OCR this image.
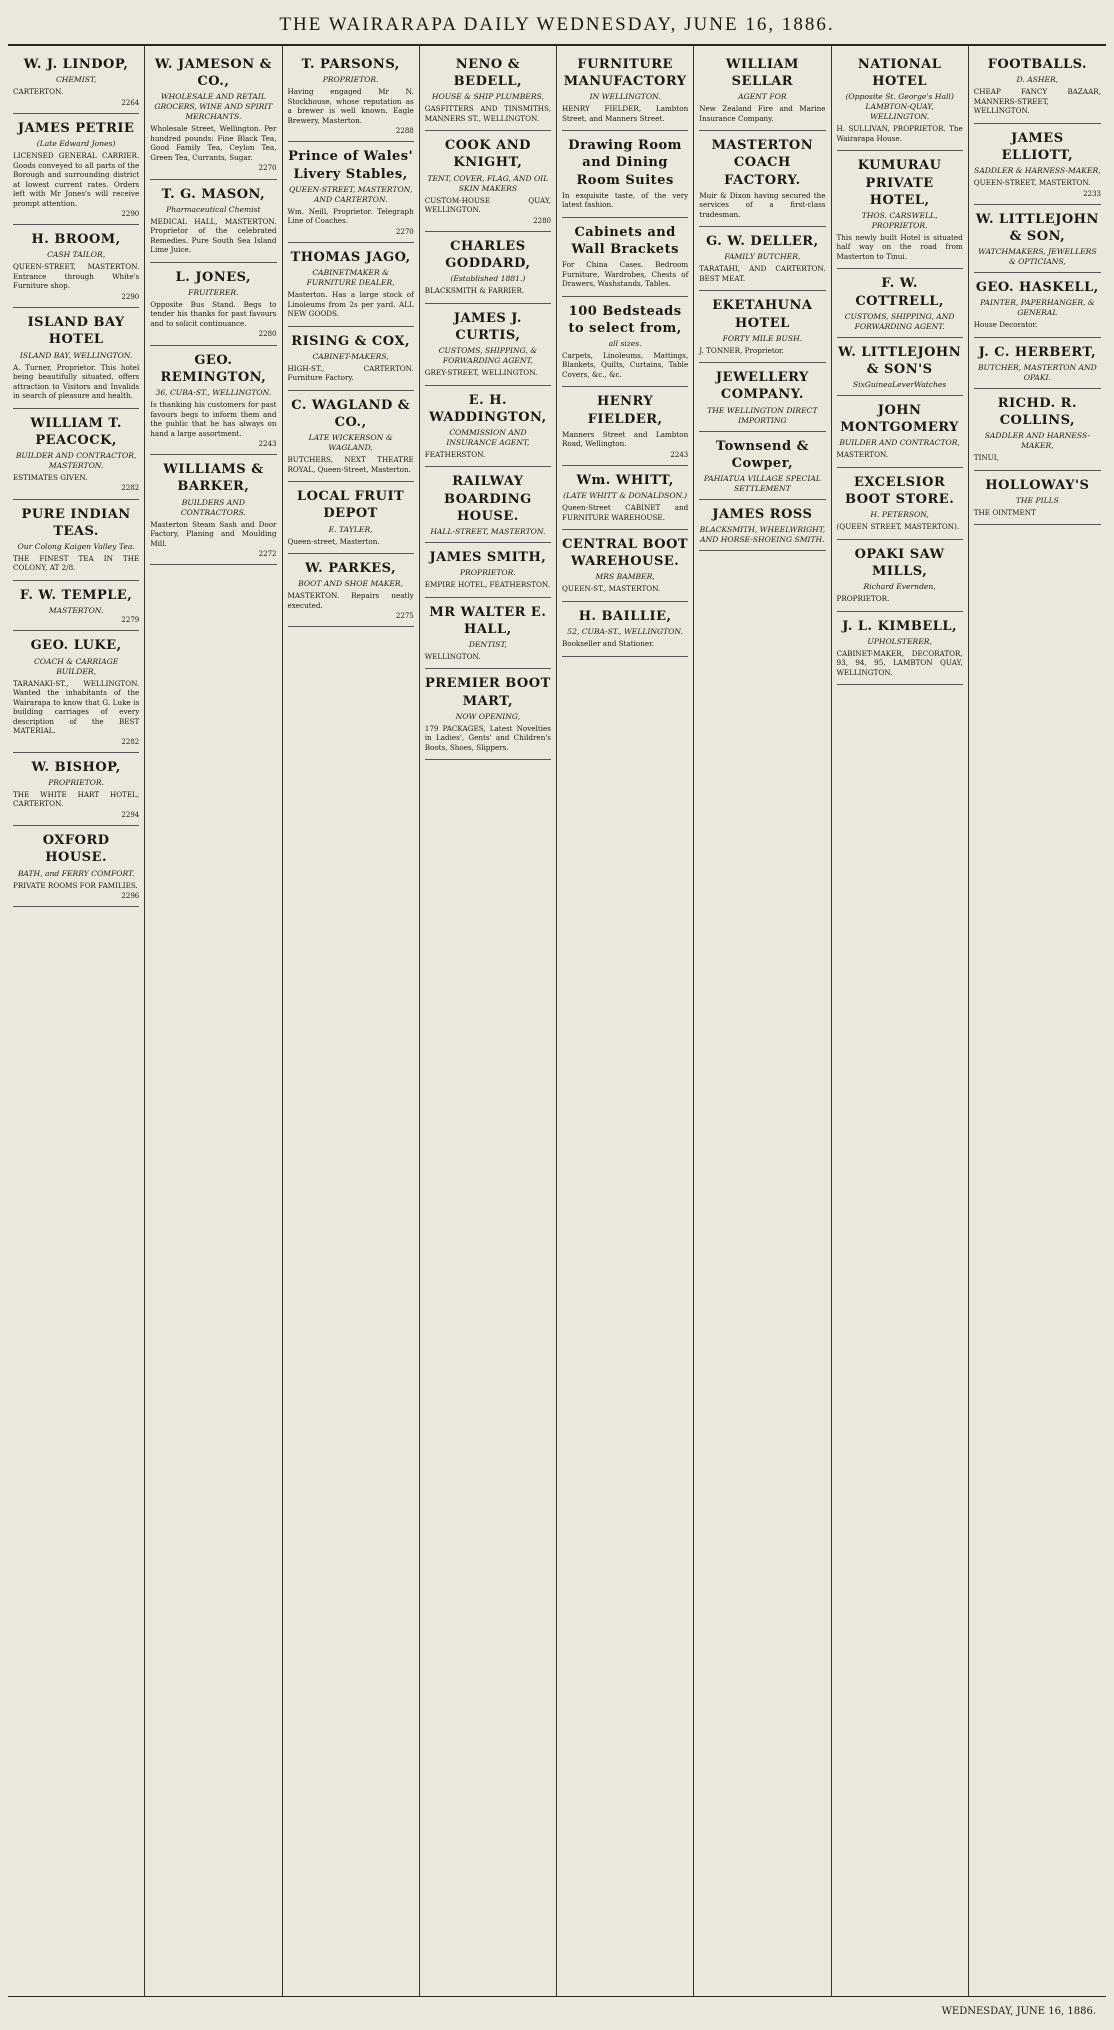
THE WAIRARAPA DAILY WEDNESDAY, JUNE 16, 1886.
W. J. LINDOP,
CHEMIST,

CARTERTON.

2264
JAMES PETRIE
(Late Edward Jones)

LICENSED GENERAL CARRIER. Goods conveyed to all parts of the Borough and surrounding district at lowest current rates. Orders left with Mr Jones's will receive prompt attention.

2290
H. BROOM,
CASH TAILOR,

QUEEN-STREET, MASTERTON. Entrance through White's Furniture shop.

2290
ISLAND BAY HOTEL
ISLAND BAY, WELLINGTON.

A. Turner, Proprietor. This hotel being beautifully situated, offers attraction to Visitors and Invalids in search of pleasure and health.

WILLIAM T. PEACOCK,
BUILDER AND CONTRACTOR, MASTERTON.

ESTIMATES GIVEN.

2282
PURE INDIAN TEAS.
Our Colong Kaigen Valley Tea.

THE FINEST TEA IN THE COLONY, AT 2/8.

F. W. TEMPLE,
MASTERTON.
2279
GEO. LUKE,
COACH & CARRIAGE BUILDER,

TARANAKI-ST., WELLINGTON. Wanted the inhabitants of the Wairarapa to know that G. Luke is building carriages of every description of the BEST MATERIAL.

2282
W. BISHOP,
PROPRIETOR.

THE WHITE HART HOTEL, CARTERTON.

2294
OXFORD HOUSE.
BATH, and FERRY COMFORT.

PRIVATE ROOMS FOR FAMILIES.

2296
W. JAMESON & CO.,
WHOLESALE AND RETAIL GROCERS, WINE AND SPIRIT MERCHANTS.

Wholesale Street, Wellington. Per hundred pounds: Fine Black Tea, Good Family Tea, Ceylon Tea, Green Tea, Currants, Sugar.

2270
T. G. MASON,
Pharmaceutical Chemist

MEDICAL HALL, MASTERTON. Proprietor of the celebrated Remedies. Pure South Sea Island Lime Juice.

L. JONES,
FRUITERER.

Opposite Bus Stand. Begs to tender his thanks for past favours and to solicit continuance.

2280
GEO. REMINGTON,
36, CUBA-ST., WELLINGTON.

Is thanking his customers for past favours begs to inform them and the public that he has always on hand a large assortment.

2243
WILLIAMS & BARKER,
BUILDERS AND CONTRACTORS.

Masterton Steam Sash and Door Factory, Planing and Moulding Mill.

2272
T. PARSONS,
PROPRIETOR.

Having engaged Mr N. Stockhouse, whose reputation as a brewer is well known. Eagle Brewery, Masterton.

2288
Prince of Wales' Livery Stables,
QUEEN-STREET, MASTERTON, AND CARTERTON.

Wm. Neill, Proprietor. Telegraph Line of Coaches.

2270
THOMAS JAGO,
CABINETMAKER & FURNITURE DEALER,

Masterton. Has a large stock of Linoleums from 2s per yard. ALL NEW GOODS.

RISING & COX,
CABINET-MAKERS,

HIGH-ST., CARTERTON. Furniture Factory.

C. WAGLAND & CO.,
LATE WICKERSON & WAGLAND,

BUTCHERS, NEXT THEATRE ROYAL, Queen-Street, Masterton.

LOCAL FRUIT DEPOT
E. TAYLER,

Queen-street, Masterton.

W. PARKES,
BOOT AND SHOE MAKER,

MASTERTON. Repairs neatly executed.

2275
NENO & BEDELL,
HOUSE & SHIP PLUMBERS,

GASFITTERS AND TINSMITHS, MANNERS ST., WELLINGTON.

COOK AND KNIGHT,
TENT, COVER, FLAG, AND OIL SKIN MAKERS

CUSTOM-HOUSE QUAY, WELLINGTON.

2280
CHARLES GODDARD,
(Established 1881.)

BLACKSMITH & FARRIER.

JAMES J. CURTIS,
CUSTOMS, SHIPPING, & FORWARDING AGENT,

GREY-STREET, WELLINGTON.

E. H. WADDINGTON,
COMMISSION AND INSURANCE AGENT,

FEATHERSTON.

RAILWAY BOARDING HOUSE.
HALL-STREET, MASTERTON.
JAMES SMITH,
PROPRIETOR.

EMPIRE HOTEL, FEATHERSTON.

MR WALTER E. HALL,
DENTIST,

WELLINGTON.

PREMIER BOOT MART,
NOW OPENING,

179 PACKAGES, Latest Novelties in Ladies', Gents' and Children's Boots, Shoes, Slippers.

FURNITURE MANUFACTORY
IN WELLINGTON.

HENRY FIELDER, Lambton Street, and Manners Street.

Drawing Room and Dining Room Suites

In exquisite taste, of the very latest fashion.

Cabinets and Wall Brackets

For China Cases. Bedroom Furniture, Wardrobes, Chests of Drawers, Washstands, Tables.

100 Bedsteads to select from,
all sizes.

Carpets, Linoleums, Mattings, Blankets, Quilts, Curtains, Table Covers, &c., &c.

HENRY FIELDER,

Manners Street and Lambton Road, Wellington.

2243
Wm. WHITT,
(LATE WHITT & DONALDSON.)

Queen-Street CABINET and FURNITURE WAREHOUSE.

CENTRAL BOOT WAREHOUSE.
MRS BAMBER,

QUEEN-ST., MASTERTON.

H. BAILLIE,
52, CUBA-ST., WELLINGTON.

Bookseller and Stationer.

WILLIAM SELLAR
AGENT FOR

New Zealand Fire and Marine Insurance Company.

MASTERTON COACH FACTORY.

Muir & Dixon having secured the services of a first-class tradesman.

G. W. DELLER,
FAMILY BUTCHER,

TARATAHI, AND CARTERTON. BEST MEAT.

EKETAHUNA HOTEL
FORTY MILE BUSH.

J. TONNER, Proprietor.

JEWELLERY COMPANY.
THE WELLINGTON DIRECT IMPORTING
Townsend & Cowper,
PAHIATUA VILLAGE SPECIAL SETTLEMENT
JAMES ROSS
BLACKSMITH, WHEELWRIGHT, AND HORSE-SHOEING SMITH.
NATIONAL HOTEL
(Opposite St. George's Hall) LAMBTON-QUAY, WELLINGTON.

H. SULLIVAN, PROPRIETOR. The Wairarapa House.

KUMURAU PRIVATE HOTEL,
THOS. CARSWELL, PROPRIETOR.

This newly built Hotel is situated half way on the road from Masterton to Tinui.

F. W. COTTRELL,
CUSTOMS, SHIPPING, AND FORWARDING AGENT.
W. LITTLEJOHN & SON'S
SixGuineaLeverWatches
JOHN MONTGOMERY
BUILDER AND CONTRACTOR,

MASTERTON.

EXCELSIOR BOOT STORE.
H. PETERSON,

(QUEEN STREET, MASTERTON).

OPAKI SAW MILLS,
Richard Evernden,

PROPRIETOR.

J. L. KIMBELL,
UPHOLSTERER,

CABINET-MAKER, DECORATOR, 93, 94, 95, LAMBTON QUAY, WELLINGTON.

FOOTBALLS.
D. ASHER,

CHEAP FANCY BAZAAR, MANNERS-STREET, WELLINGTON.

JAMES ELLIOTT,
SADDLER & HARNESS-MAKER,

QUEEN-STREET, MASTERTON.

2233
W. LITTLEJOHN & SON,
WATCHMAKERS, JEWELLERS & OPTICIANS,
GEO. HASKELL,
PAINTER, PAPERHANGER, & GENERAL

House Decorator.

J. C. HERBERT,
BUTCHER, MASTERTON AND OPAKI.
RICHD. R. COLLINS,
SADDLER AND HARNESS-MAKER,

TINUI,

HOLLOWAY'S
THE PILLS

THE OINTMENT

WEDNESDAY, JUNE 16, 1886.
